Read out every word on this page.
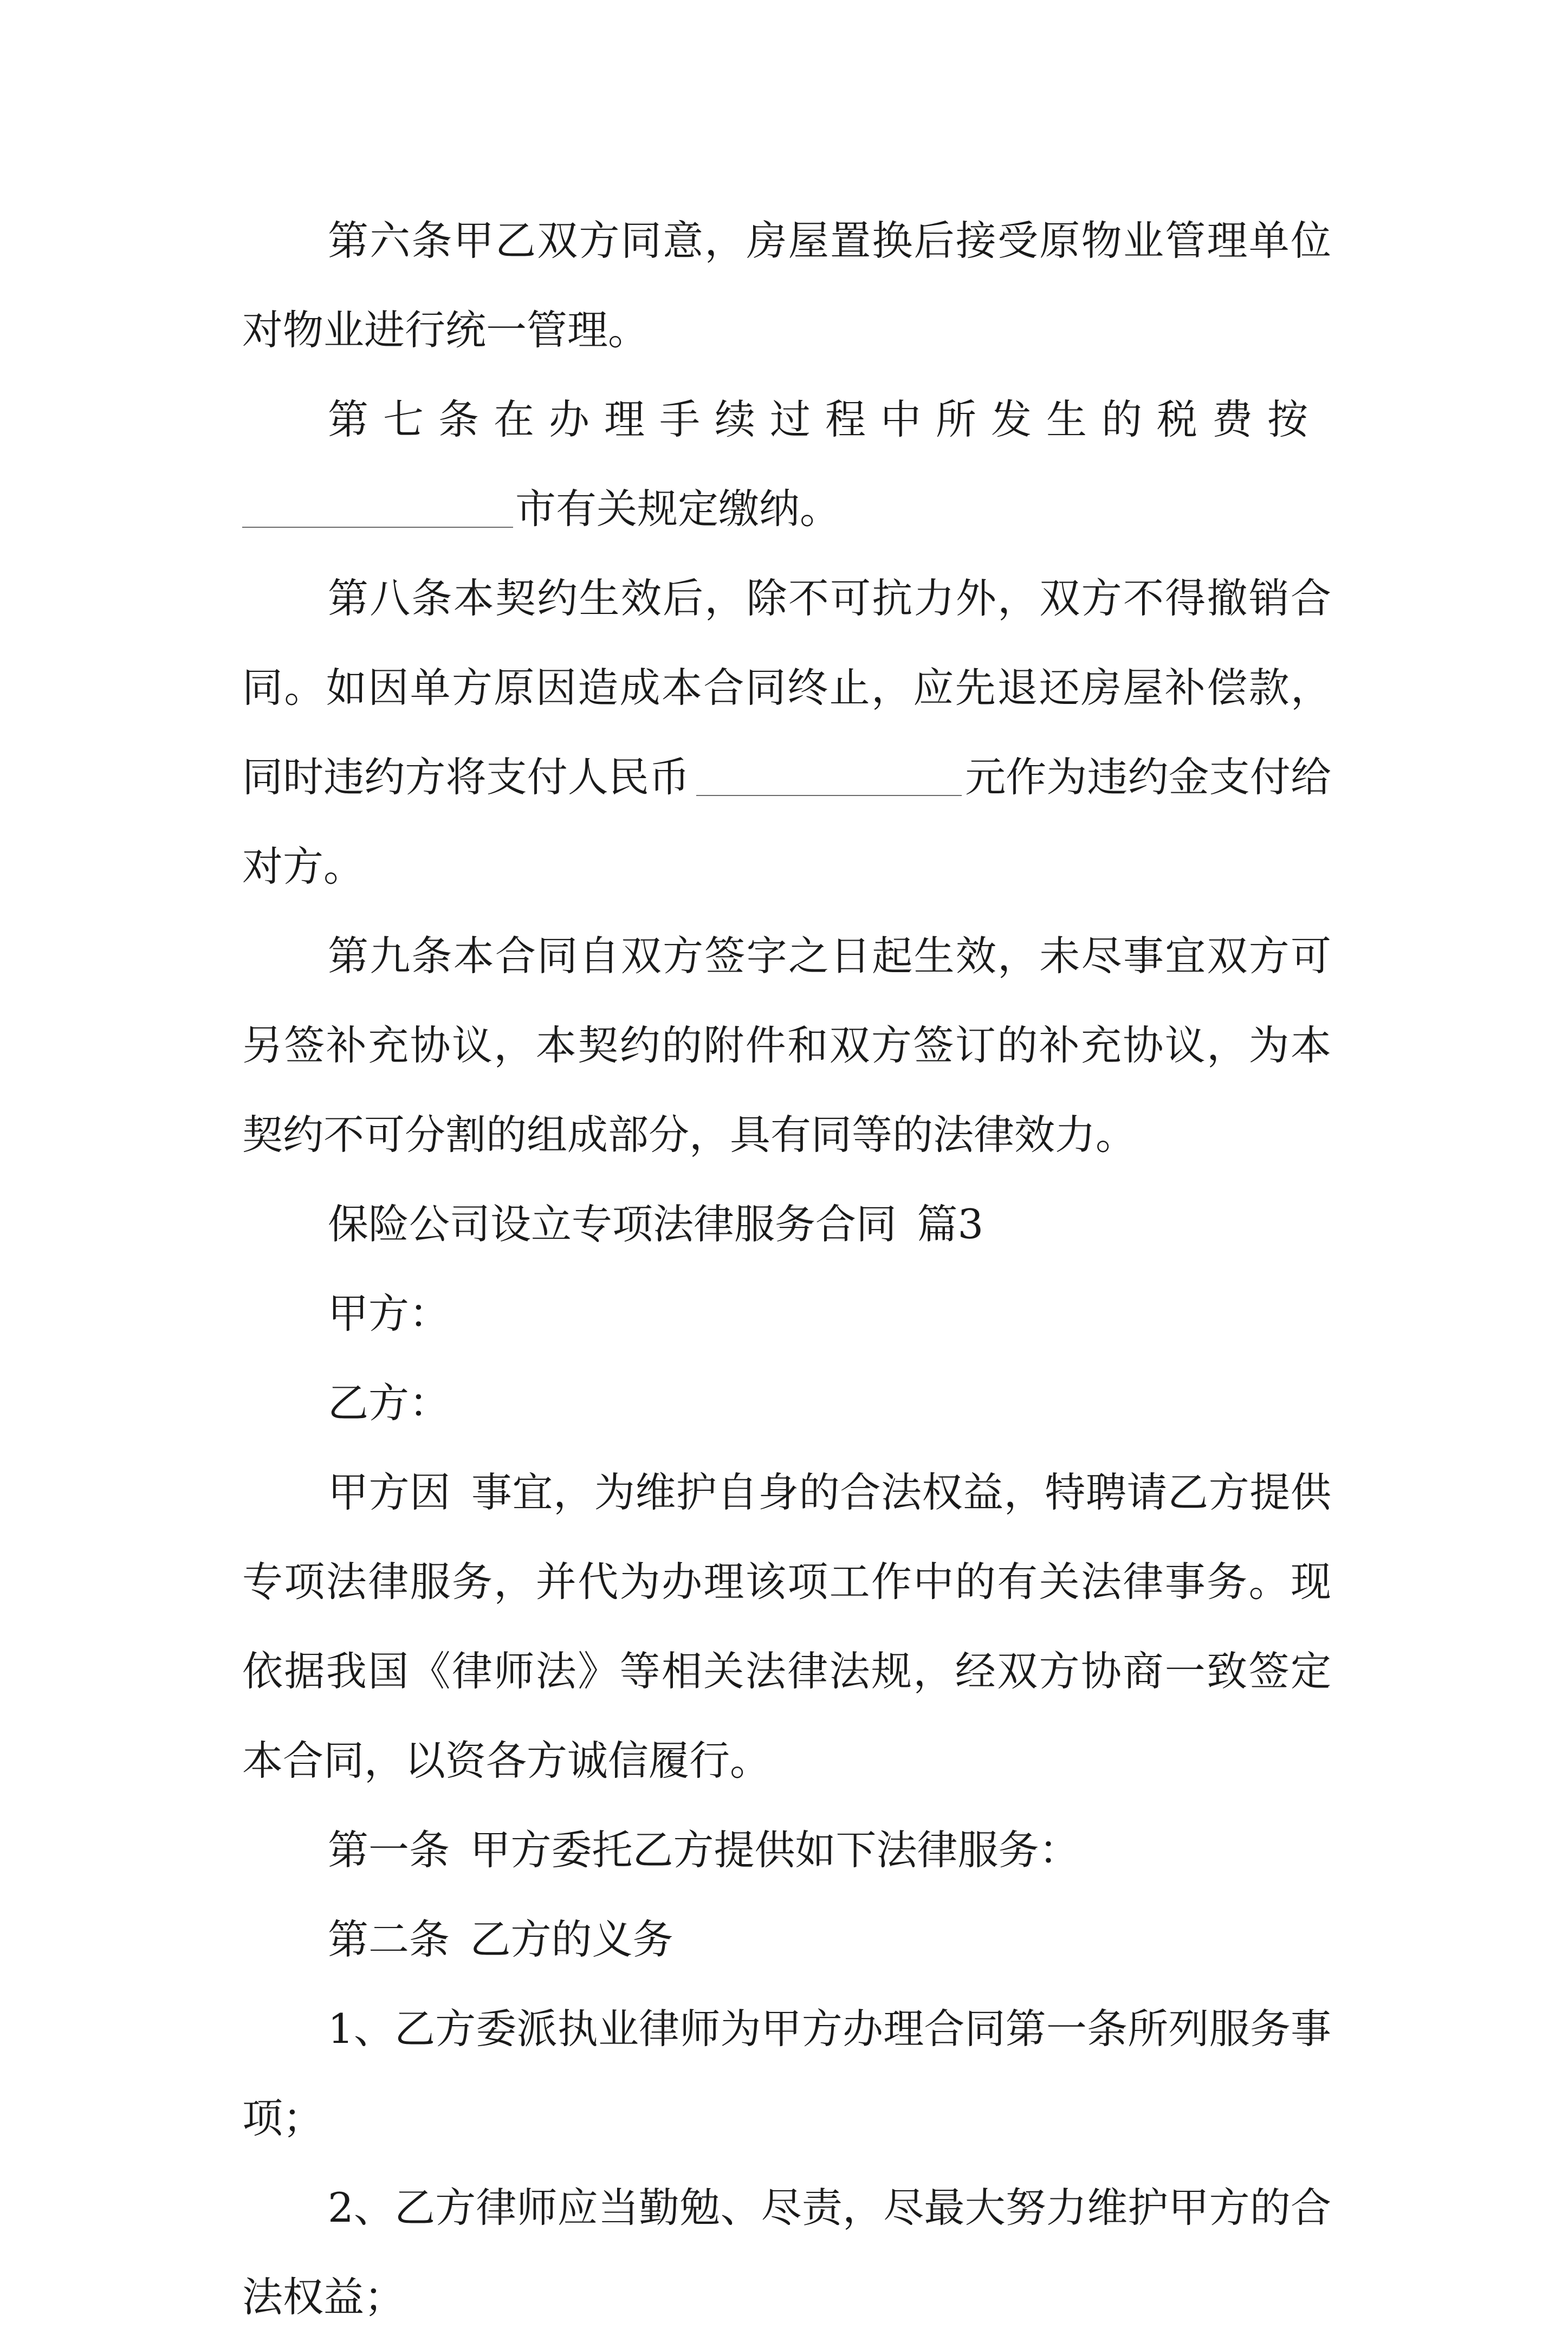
第六条甲乙双方同意，房屋置换后接受原物业管理单位对物业进行统一管理。

第七条在办理手续过程中所发生的税费按
市有关规定缴纳。

第八条本契约生效后，除不可抗力外，双方不得撤销合同。如因单方原因造成本合同终止，应先退还房屋补偿款，同时违约方将支付人民币	元作为违约金支付给对方。

第九条本合同自双方签字之日起生效，未尽事宜双方可另签补充协议，本契约的附件和双方签订的补充协议，为本契约不可分割的组成部分，具有同等的法律效力。

保险公司设立专项法律服务合同 篇3

甲方：

乙方：

甲方因 事宜，为维护自身的合法权益，特聘请乙方提供专项法律服务，并代为办理该项工作中的有关法律事务。现依据我国《律师法》等相关法律法规，经双方协商一致签定本合同，以资各方诚信履行。

第一条 甲方委托乙方提供如下法律服务：

第二条 乙方的义务

1、乙方委派执业律师为甲方办理合同第一条所列服务事项；

2、乙方律师应当勤勉、尽责，尽最大努力维护甲方的合法权益；
